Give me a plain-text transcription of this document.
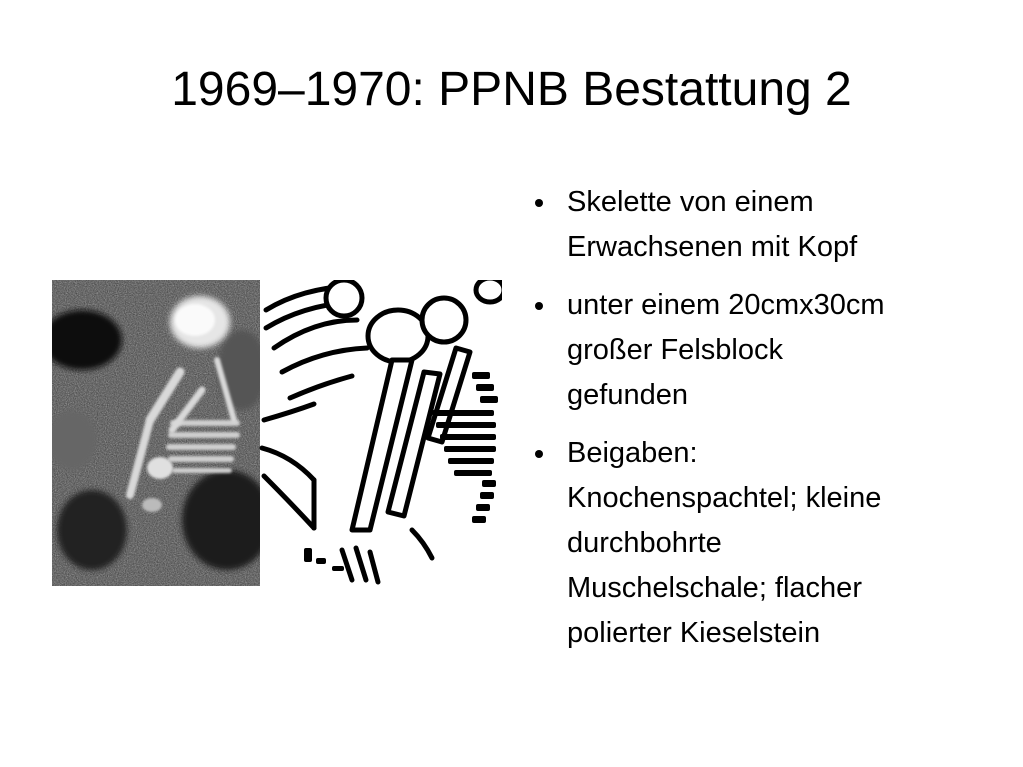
1969–1970: PPNB Bestattung 2
Skelette von einem
Erwachsenen mit Kopf
unter einem 20cmx30cm
großer Felsblock
gefunden
Beigaben:
Knochenspachtel; kleine
durchbohrte
Muschelschale; flacher
polierter Kieselstein
